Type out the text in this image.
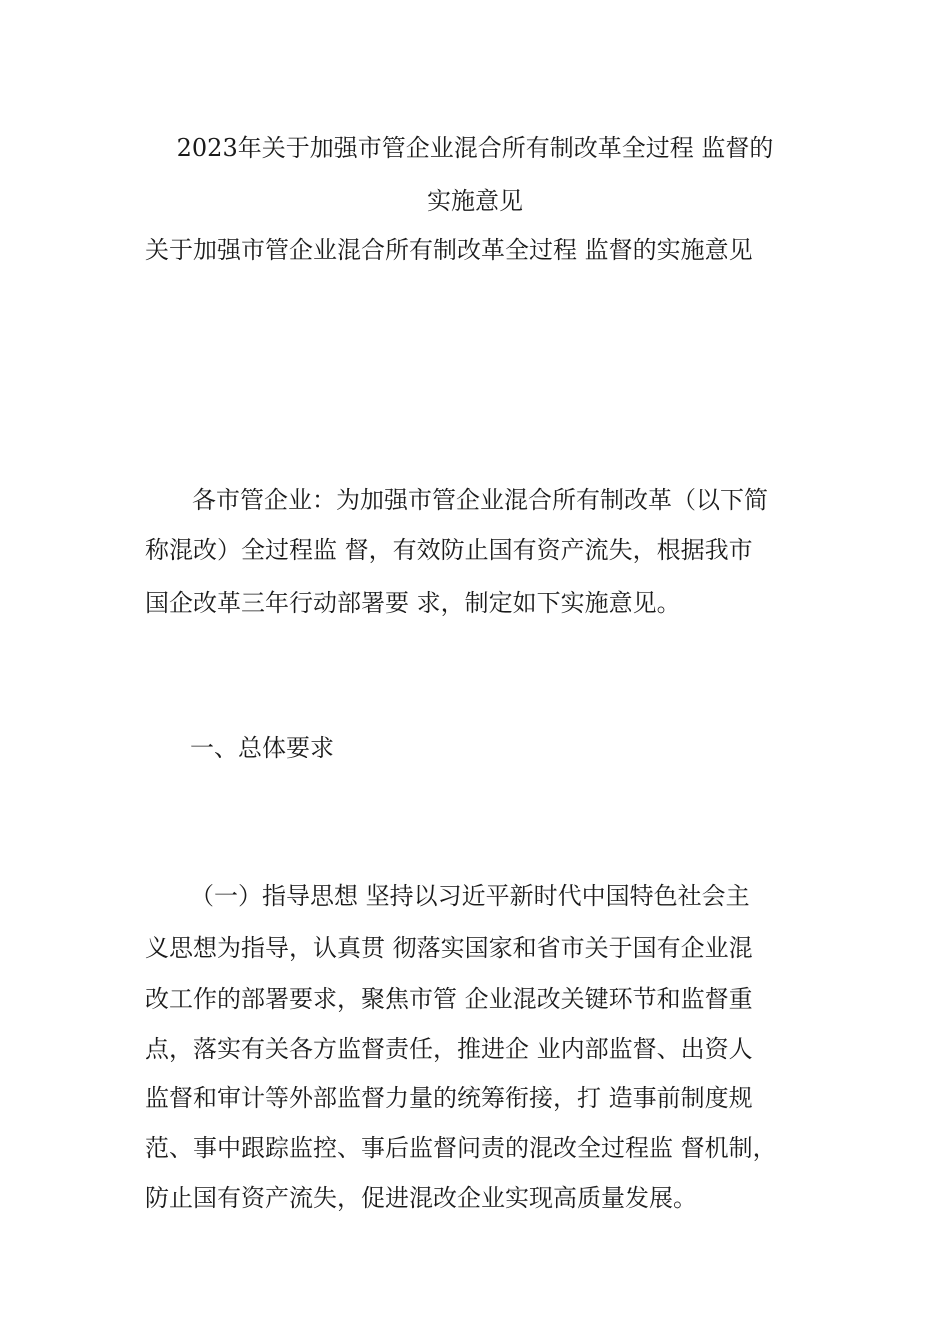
2023年关于加强市管企业混合所有制改革全过程 监督的

实施意见

关于加强市管企业混合所有制改革全过程 监督的实施意见

各市管企业：为加强市管企业混合所有制改革（以下简

称混改）全过程监 督，有效防止国有资产流失，根据我市

国企改革三年行动部署要 求，制定如下实施意见。

一、总体要求

（一）指导思想 坚持以习近平新时代中国特色社会主

义思想为指导，认真贯 彻落实国家和省市关于国有企业混

改工作的部署要求，聚焦市管 企业混改关键环节和监督重

点，落实有关各方监督责任，推进企 业内部监督、出资人

监督和审计等外部监督力量的统筹衔接，打 造事前制度规

范、事中跟踪监控、事后监督问责的混改全过程监 督机制，

防止国有资产流失，促进混改企业实现高质量发展。
